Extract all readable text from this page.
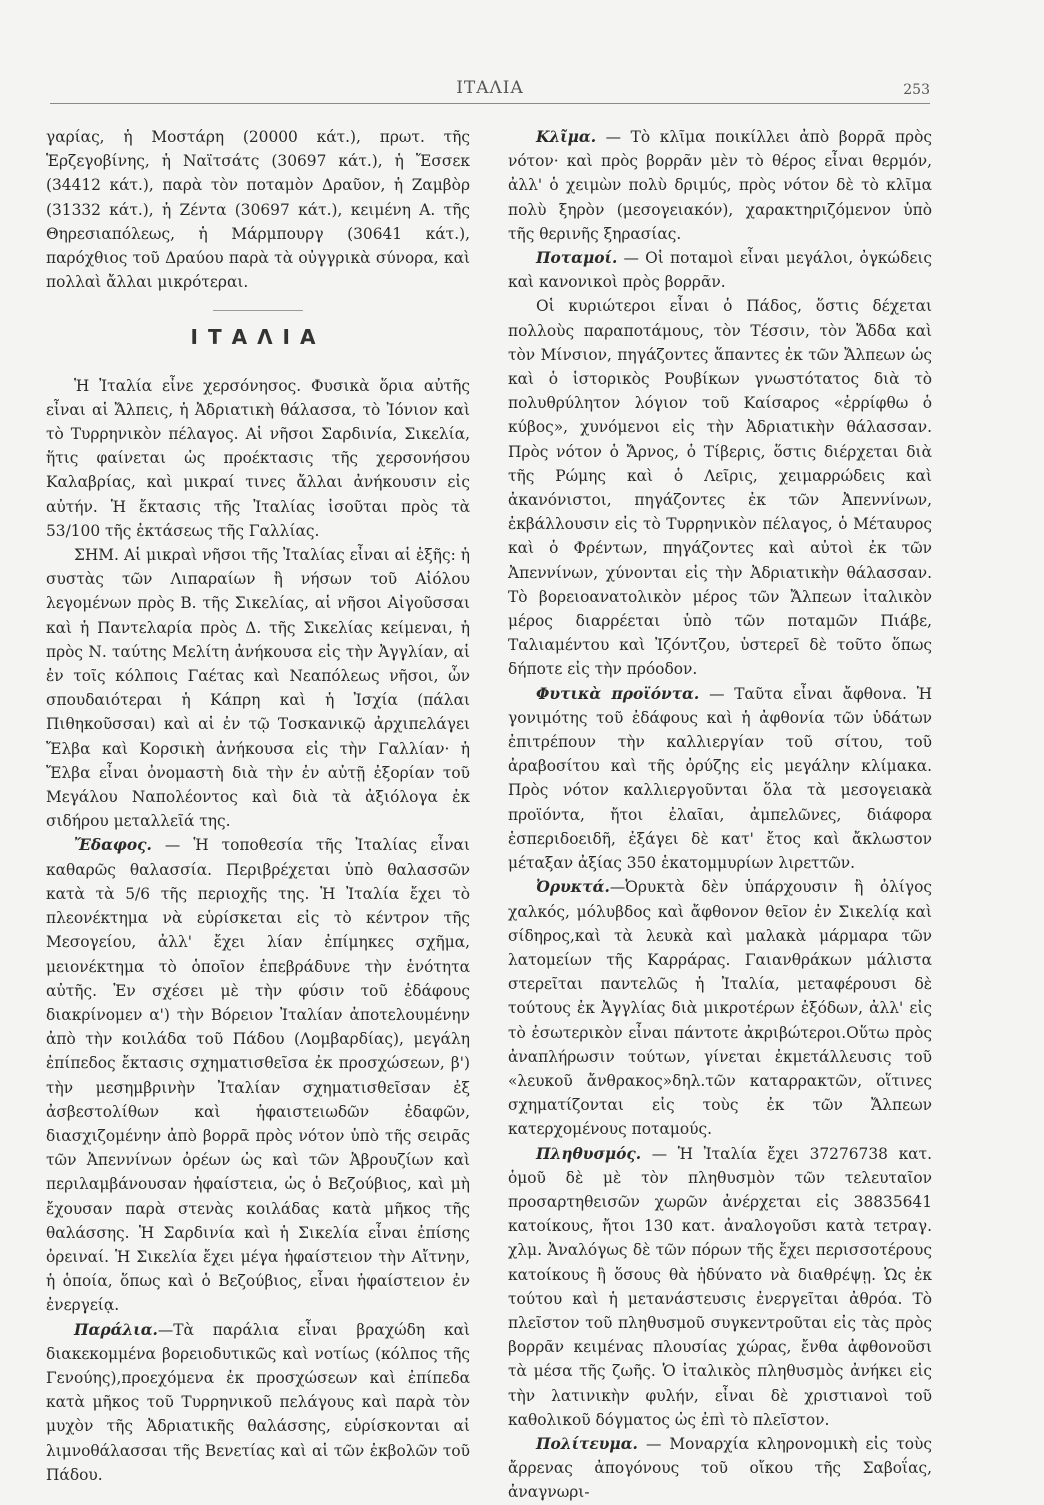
ΙΤΑΛΙΑ	253

γαρίας, ἡ Μοστάρη (20000 κάτ.), πρωτ. τῆς Ἑρζεγοβίνης, ἡ Ναϊτσάτς (30697 κάτ.), ἡ Ἔσσεκ (34412 κάτ.), παρὰ τὸν ποταμὸν Δραῦον, ἡ Ζαμβὸρ (31332 κάτ.), ἡ Ζέντα (30697 κάτ.), κειμένη Α. τῆς Θηρεσιαπόλεως, ἡ Μάρμπουργ (30641 κάτ.), παρόχθιος τοῦ Δραύου παρὰ τὰ οὐγγρικὰ σύνορα, καὶ πολλαὶ ἄλλαι μικρότεραι.

ΙΤΑΛΙΑ

Ἡ Ἰταλία εἶνε χερσόνησος. Φυσικὰ ὅρια αὐτῆς εἶναι αἱ Ἄλπεις, ἡ Ἀδριατικὴ θάλασσα, τὸ Ἰόνιον καὶ τὸ Τυρρηνικὸν πέλαγος. Αἱ νῆσοι Σαρδινία, Σικελία, ἥτις φαίνεται ὡς προέκτασις τῆς χερσονήσου Καλαβρίας, καὶ μικραί τινες ἄλλαι ἀνήκουσιν εἰς αὐτήν. Ἡ ἔκτασις τῆς Ἰταλίας ἰσοῦται πρὸς τὰ 53/100 τῆς ἐκτάσεως τῆς Γαλλίας.

ΣΗΜ. Αἱ μικραὶ νῆσοι τῆς Ἰταλίας εἶναι αἱ ἑξῆς: ἡ συστὰς τῶν Λιπαραίων ἢ νήσων τοῦ Αἰόλου λεγομένων πρὸς Β. τῆς Σικελίας, αἱ νῆσοι Αἰγοῦσσαι καὶ ἡ Παντελαρία πρὸς Δ. τῆς Σικελίας κείμεναι, ἡ πρὸς Ν. ταύτης Μελίτη ἀνήκουσα εἰς τὴν Ἀγγλίαν, αἱ ἐν τοῖς κόλποις Γαέτας καὶ Νεαπόλεως νῆσοι, ὧν σπουδαιότεραι ἡ Κάπρη καὶ ἡ Ἰσχία (πάλαι Πιθηκοῦσσαι) καὶ αἱ ἐν τῷ Τοσκανικῷ ἀρχιπελάγει Ἔλβα καὶ Κορσικὴ ἀνήκουσα εἰς τὴν Γαλλίαν· ἡ Ἔλβα εἶναι ὀνομαστὴ διὰ τὴν ἐν αὐτῇ ἐξορίαν τοῦ Μεγάλου Ναπολέοντος καὶ διὰ τὰ ἀξιόλογα ἐκ σιδήρου μεταλλεῖά της.

Ἔδαφος. — Ἡ τοποθεσία τῆς Ἰταλίας εἶναι καθαρῶς θαλασσία. Περιβρέχεται ὑπὸ θαλασσῶν κατὰ τὰ 5/6 τῆς περιοχῆς της. Ἡ Ἰταλία ἔχει τὸ πλεονέκτημα νὰ εὑρίσκεται εἰς τὸ κέντρον τῆς Μεσογείου, ἀλλ' ἔχει λίαν ἐπίμηκες σχῆμα, μειονέκτημα τὸ ὁποῖον ἐπεβράδυνε τὴν ἑνότητα αὐτῆς. Ἐν σχέσει μὲ τὴν φύσιν τοῦ ἐδάφους διακρίνομεν α') τὴν Βόρειον Ἰταλίαν ἀποτελουμένην ἀπὸ τὴν κοιλάδα τοῦ Πάδου (Λομβαρδίας), μεγάλη ἐπίπεδος ἔκτασις σχηματισθεῖσα ἐκ προσχώσεων, β') τὴν μεσημβρινὴν Ἰταλίαν σχηματισθεῖσαν ἐξ ἀσβεστολίθων καὶ ἡφαιστειωδῶν ἐδαφῶν, διασχιζομένην ἀπὸ βορρᾶ πρὸς νότον ὑπὸ τῆς σειρᾶς τῶν Ἀπεννίνων ὀρέων ὡς καὶ τῶν Ἀβρουζίων καὶ περιλαμβάνουσαν ἡφαίστεια, ὡς ὁ Βεζούβιος, καὶ μὴ ἔχουσαν παρὰ στενὰς κοιλάδας κατὰ μῆκος τῆς θαλάσσης. Ἡ Σαρδινία καὶ ἡ Σικελία εἶναι ἐπίσης ὀρειναί. Ἡ Σικελία ἔχει μέγα ἡφαίστειον τὴν Αἴτνην, ἡ ὁποία, ὅπως καὶ ὁ Βεζούβιος, εἶναι ἡφαίστειον ἐν ἐνεργείᾳ.

Παράλια.—Τὰ παράλια εἶναι βραχώδη καὶ διακεκομμένα βορειοδυτικῶς καὶ νοτίως (κόλπος τῆς Γενούης),προεχόμενα ἐκ προσχώσεων καὶ ἐπίπεδα κατὰ μῆκος τοῦ Τυρρηνικοῦ πελάγους καὶ παρὰ τὸν μυχὸν τῆς Ἀδριατικῆς θαλάσσης, εὑρίσκονται αἱ λιμνοθάλασσαι τῆς Βενετίας καὶ αἱ τῶν ἐκβολῶν τοῦ Πάδου.

Κλῖμα. — Τὸ κλῖμα ποικίλλει ἀπὸ βορρᾶ πρὸς νότον· καὶ πρὸς βορρᾶν μὲν τὸ θέρος εἶναι θερμόν, ἀλλ' ὁ χειμὼν πολὺ δριμύς, πρὸς νότον δὲ τὸ κλῖμα πολὺ ξηρὸν (μεσογειακόν), χαρακτηριζόμενον ὑπὸ τῆς θερινῆς ξηρασίας.

Ποταμοί. — Οἱ ποταμοὶ εἶναι μεγάλοι, ὀγκώδεις καὶ κανονικοὶ πρὸς βορρᾶν.

Οἱ κυριώτεροι εἶναι ὁ Πάδος, ὅστις δέχεται πολλοὺς παραποτάμους, τὸν Τέσσιν, τὸν Ἄδδα καὶ τὸν Μίνσιον, πηγάζοντες ἅπαντες ἐκ τῶν Ἄλπεων ὡς καὶ ὁ ἱστορικὸς Ρουβίκων γνωστότατος διὰ τὸ πολυθρύλητον λόγιον τοῦ Καίσαρος «ἐρρίφθω ὁ κύβος», χυνόμενοι εἰς τὴν Ἀδριατικὴν θάλασσαν. Πρὸς νότον ὁ Ἄρνος, ὁ Τίβερις, ὅστις διέρχεται διὰ τῆς Ρώμης καὶ ὁ Λεῖρις, χειμαρρώδεις καὶ ἀκανόνιστοι, πηγάζοντες ἐκ τῶν Ἀπεννίνων, ἐκβάλλουσιν εἰς τὸ Τυρρηνικὸν πέλαγος, ὁ Μέταυρος καὶ ὁ Φρέντων, πηγάζοντες καὶ αὐτοὶ ἐκ τῶν Ἀπεννίνων, χύνονται εἰς τὴν Ἀδριατικὴν θάλασσαν. Τὸ βορειοανατολικὸν μέρος τῶν Ἄλπεων ἰταλικὸν μέρος διαρρέεται ὑπὸ τῶν ποταμῶν Πιάβε, Ταλιαμέντου καὶ Ἰζόντζου, ὑστερεῖ δὲ τοῦτο ὅπως δήποτε εἰς τὴν πρόοδον.

Φυτικὰ προϊόντα. — Ταῦτα εἶναι ἄφθονα. Ἡ γονιμότης τοῦ ἐδάφους καὶ ἡ ἀφθονία τῶν ὑδάτων ἐπιτρέπουν τὴν καλλιεργίαν τοῦ σίτου, τοῦ ἀραβοσίτου καὶ τῆς ὀρύζης εἰς μεγάλην κλίμακα. Πρὸς νότον καλλιεργοῦνται ὅλα τὰ μεσογειακὰ προϊόντα, ἤτοι ἐλαῖαι, ἀμπελῶνες, διάφορα ἑσπεριδοειδῆ, ἐξάγει δὲ κατ' ἔτος καὶ ἄκλωστον μέταξαν ἀξίας 350 ἑκατομμυρίων λιρεττῶν.

Ὀρυκτά.—Ὀρυκτὰ δὲν ὑπάρχουσιν ἢ ὀλίγος χαλκός, μόλυβδος καὶ ἄφθονον θεῖον ἐν Σικελίᾳ καὶ σίδηρος,καὶ τὰ λευκὰ καὶ μαλακὰ μάρμαρα τῶν λατομείων τῆς Καρράρας. Γαιανθράκων μάλιστα στερεῖται παντελῶς ἡ Ἰταλία, μεταφέρουσι δὲ τούτους ἐκ Ἀγγλίας διὰ μικροτέρων ἐξόδων, ἀλλ' εἰς τὸ ἐσωτερικὸν εἶναι πάντοτε ἀκριβώτεροι.Οὕτω πρὸς ἀναπλήρωσιν τούτων, γίνεται ἐκμετάλλευσις τοῦ «λευκοῦ ἄνθρακος»δηλ.τῶν καταρρακτῶν, οἵτινες σχηματίζονται εἰς τοὺς ἐκ τῶν Ἄλπεων κατερχομένους ποταμούς.

Πληθυσμός. — Ἡ Ἰταλία ἔχει 37276738 κατ. ὁμοῦ δὲ μὲ τὸν πληθυσμὸν τῶν τελευταῖον προσαρτηθεισῶν χωρῶν ἀνέρχεται εἰς 38835641 κατοίκους, ἤτοι 130 κατ. ἀναλογοῦσι κατὰ τετραγ. χλμ. Ἀναλόγως δὲ τῶν πόρων τῆς ἔχει περισσοτέρους κατοίκους ἢ ὅσους θὰ ἠδύνατο νὰ διαθρέψῃ. Ὡς ἐκ τούτου καὶ ἡ μετανάστευσις ἐνεργεῖται ἀθρόα. Τὸ πλεῖστον τοῦ πληθυσμοῦ συγκεντροῦται εἰς τὰς πρὸς βορρᾶν κειμένας πλουσίας χώρας, ἔνθα ἀφθονοῦσι τὰ μέσα τῆς ζωῆς. Ὁ ἰταλικὸς πληθυσμὸς ἀνήκει εἰς τὴν λατινικὴν φυλήν, εἶναι δὲ χριστιανοὶ τοῦ καθολικοῦ δόγματος ὡς ἐπὶ τὸ πλεῖστον.

Πολίτευμα. — Μοναρχία κληρονομικὴ εἰς τοὺς ἄρρενας ἀπογόνους τοῦ οἴκου τῆς Σαβοΐας, ἀναγνωρι-
